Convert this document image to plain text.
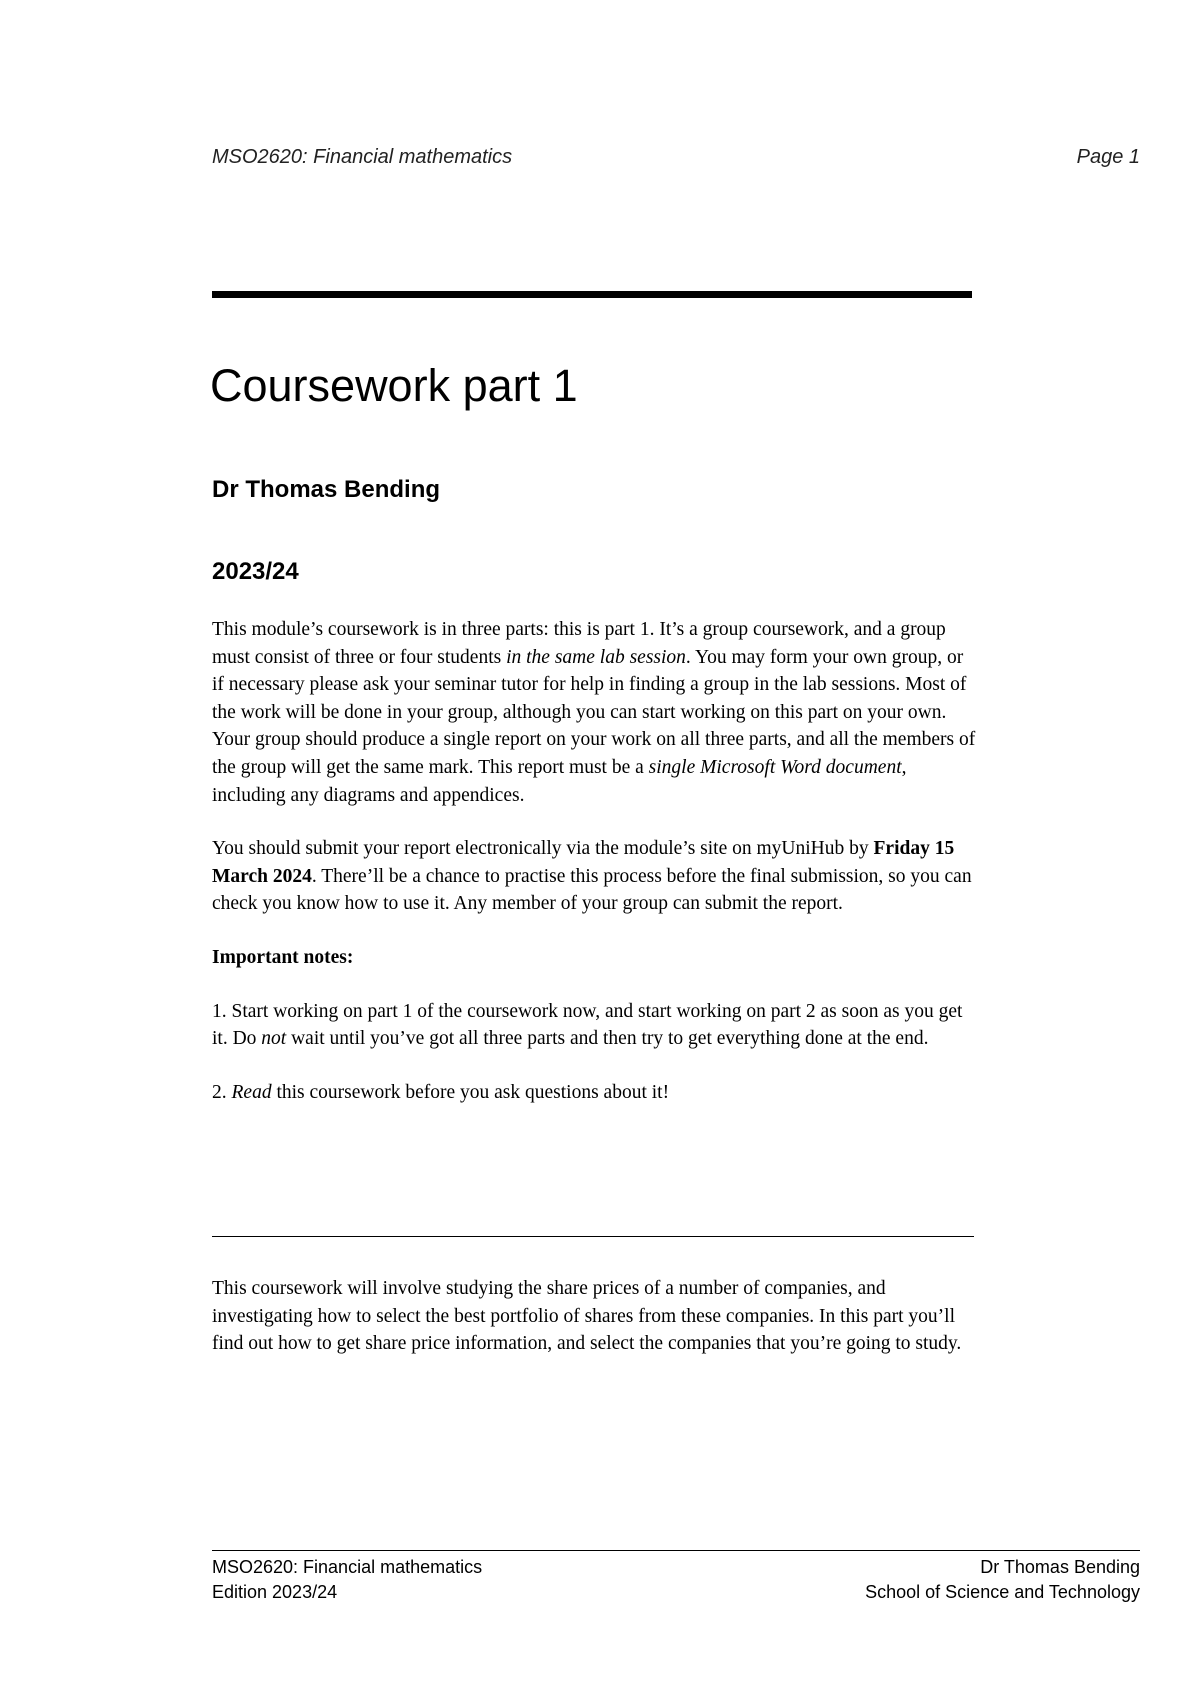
MSO2620: Financial mathematics	Page 1
Coursework part 1
Dr Thomas Bending
2023/24

This module’s coursework is in three parts: this is part 1. It’s a group coursework, and a group must consist of three or four students in the same lab session. You may form your own group, or if necessary please ask your seminar tutor for help in finding a group in the lab sessions. Most of the work will be done in your group, although you can start working on this part on your own. Your group should produce a single report on your work on all three parts, and all the members of the group will get the same mark. This report must be a single Microsoft Word document, including any diagrams and appendices.

You should submit your report electronically via the module’s site on myUniHub by Friday 15 March 2024. There’ll be a chance to practise this process before the final submission, so you can check you know how to use it. Any member of your group can submit the report.

Important notes:

1. Start working on part 1 of the coursework now, and start working on part 2 as soon as you get it. Do not wait until you’ve got all three parts and then try to get everything done at the end.

2. Read this coursework before you ask questions about it!

This coursework will involve studying the share prices of a number of companies, and investigating how to select the best portfolio of shares from these companies. In this part you’ll find out how to get share price information, and select the companies that you’re going to study.

MSO2620: Financial mathematics
Edition 2023/24
Dr Thomas Bending
School of Science and Technology
